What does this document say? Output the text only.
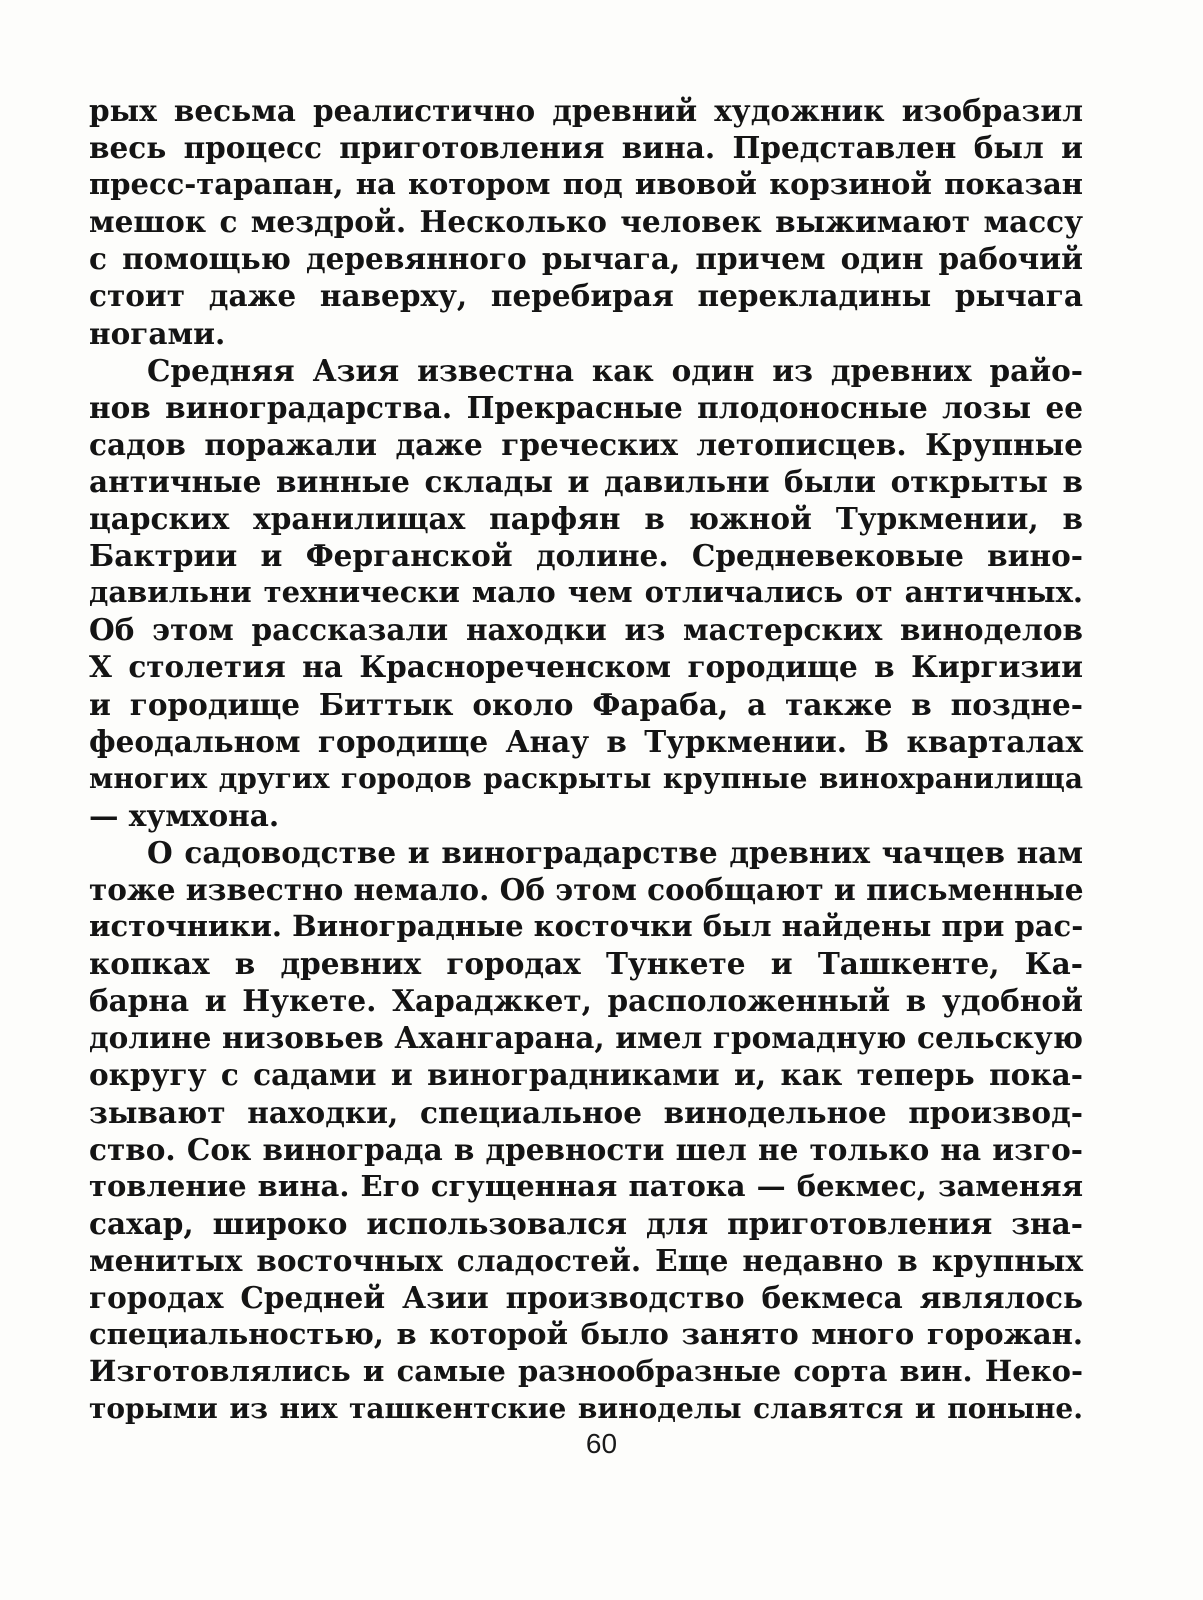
рых весьма реалистично древний художник изобразил
весь процесс приготовления вина. Представлен был и
пресс-тарапан, на котором под ивовой корзиной показан
мешок с мездрой. Несколько человек выжимают массу
с помощью деревянного рычага, причем один рабочий
стоит даже наверху, перебирая перекладины рычага
ногами.
Средняя Азия известна как один из древних райо-
нов виноградарства. Прекрасные плодоносные лозы ее
садов поражали даже греческих летописцев. Крупные
античные винные склады и давильни были открыты в
царских хранилищах парфян в южной Туркмении, в
Бактрии и Ферганской долине. Средневековые вино-
давильни технически мало чем отличались от античных.
Об этом рассказали находки из мастерских виноделов
X столетия на Краснореченском городище в Киргизии
и городище Биттык около Фараба, а также в поздне-
феодальном городище Анау в Туркмении. В кварталах
многих других городов раскрыты крупные винохранилища
— хумхона.
О садоводстве и виноградарстве древних чачцев нам
тоже известно немало. Об этом сообщают и письменные
источники. Виноградные косточки был найдены при рас-
копках в древних городах Тункете и Ташкенте, Ка-
барна и Нукете. Хараджкет, расположенный в удобной
долине низовьев Ахангарана, имел громадную сельскую
округу с садами и виноградниками и, как теперь пока-
зывают находки, специальное винодельное производ-
ство. Сок винограда в древности шел не только на изго-
товление вина. Его сгущенная патока — бекмес, заменяя
сахар, широко использовался для приготовления зна-
менитых восточных сладостей. Еще недавно в крупных
городах Средней Азии производство бекмеса являлось
специальностью, в которой было занято много горожан.
Изготовлялись и самые разнообразные сорта вин. Неко-
торыми из них ташкентские виноделы славятся и поныне.
60
